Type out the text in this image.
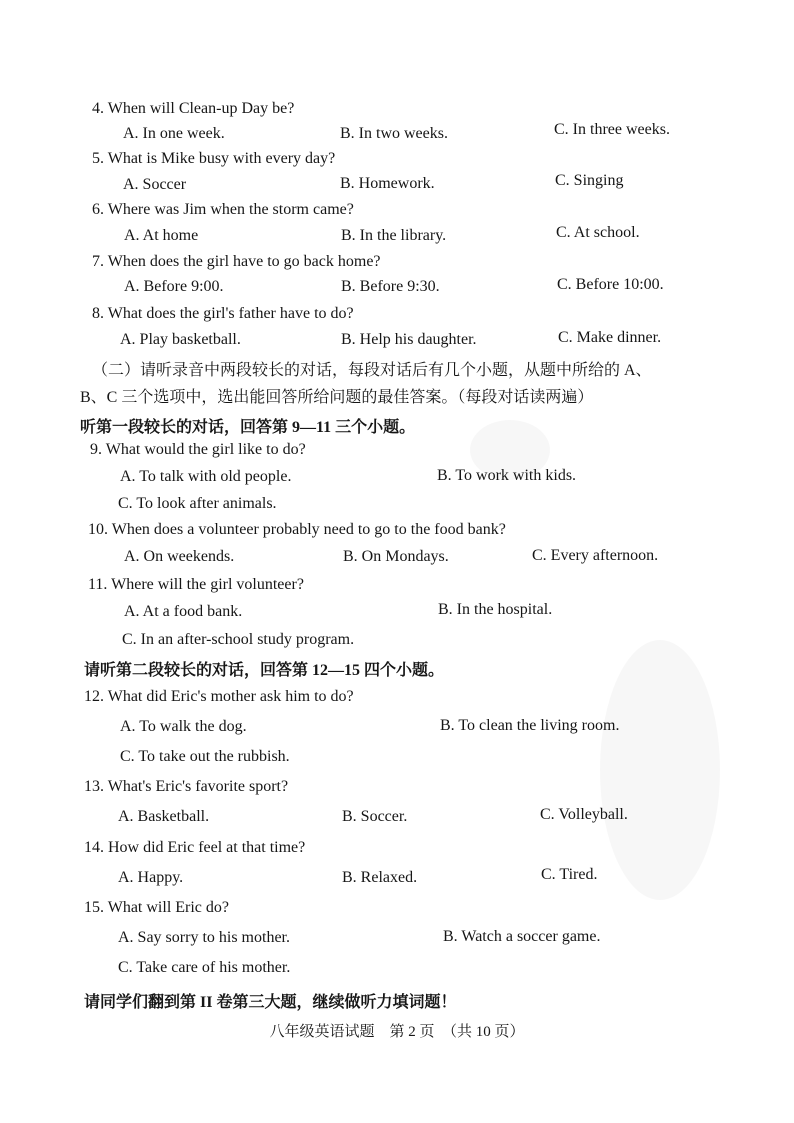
4. When will Clean-up Day be?
A. In one week.	B. In two weeks.	C. In three weeks.
5. What is Mike busy with every day?
A. Soccer	B. Homework.	C. Singing
6. Where was Jim when the storm came?
A. At home	B. In the library.	C. At school.
7. When does the girl have to go back home?
A. Before 9:00.	B. Before 9:30.	C. Before 10:00.
8. What does the girl's father have to do?
A. Play basketball.	B. Help his daughter.	C. Make dinner.
（二）请听录音中两段较长的对话，每段对话后有几个小题，从题中所给的 A、
B、C 三个选项中，选出能回答所给问题的最佳答案。（每段对话读两遍）
听第一段较长的对话，回答第 9—11 三个小题。
9. What would the girl like to do?
A. To talk with old people.	B. To work with kids.
C. To look after animals.
10. When does a volunteer probably need to go to the food bank?
A. On weekends.	B. On Mondays.	C. Every afternoon.
11. Where will the girl volunteer?
A. At a food bank.	B. In the hospital.
C. In an after-school study program.
请听第二段较长的对话，回答第 12—15 四个小题。
12. What did Eric's mother ask him to do?
A. To walk the dog.	B. To clean the living room.
C. To take out the rubbish.
13. What's Eric's favorite sport?
A. Basketball.	B. Soccer.	C. Volleyball.
14. How did Eric feel at that time?
A. Happy.	B. Relaxed.	C. Tired.
15. What will Eric do?
A. Say sorry to his mother.	B. Watch a soccer game.
C. Take care of his mother.
请同学们翻到第 II 卷第三大题，继续做听力填词题！
八年级英语试题　第 2 页　（共 10 页）
